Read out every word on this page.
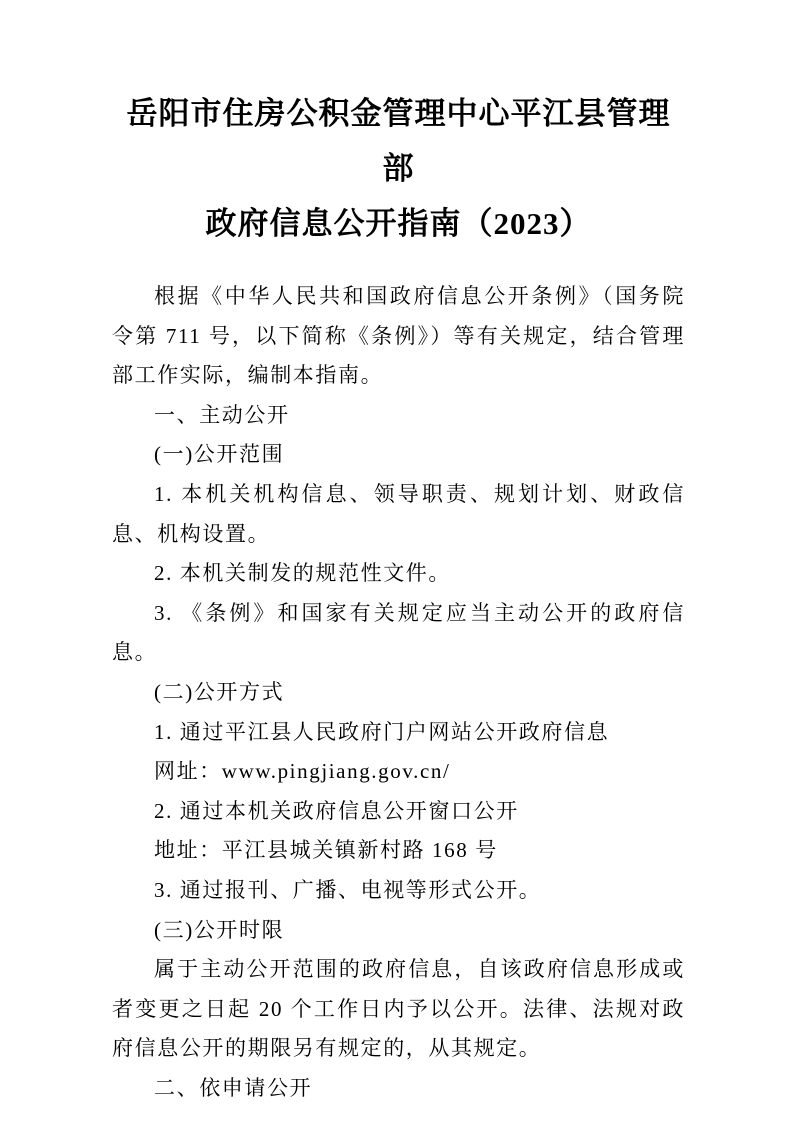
岳阳市住房公积金管理中心平江县管理部
政府信息公开指南（2023）

根据《中华人民共和国政府信息公开条例》（国务院令第 711 号，以下简称《条例》）等有关规定，结合管理部工作实际，编制本指南。

一、主动公开

(一)公开范围

1. 本机关机构信息、领导职责、规划计划、财政信息、机构设置。

2. 本机关制发的规范性文件。

3. 《条例》和国家有关规定应当主动公开的政府信息。

(二)公开方式

1. 通过平江县人民政府门户网站公开政府信息

网址：www.pingjiang.gov.cn/

2. 通过本机关政府信息公开窗口公开

地址：平江县城关镇新村路 168 号

3. 通过报刊、广播、电视等形式公开。

(三)公开时限

属于主动公开范围的政府信息，自该政府信息形成或者变更之日起 20 个工作日内予以公开。法律、法规对政府信息公开的期限另有规定的，从其规定。

二、依申请公开
